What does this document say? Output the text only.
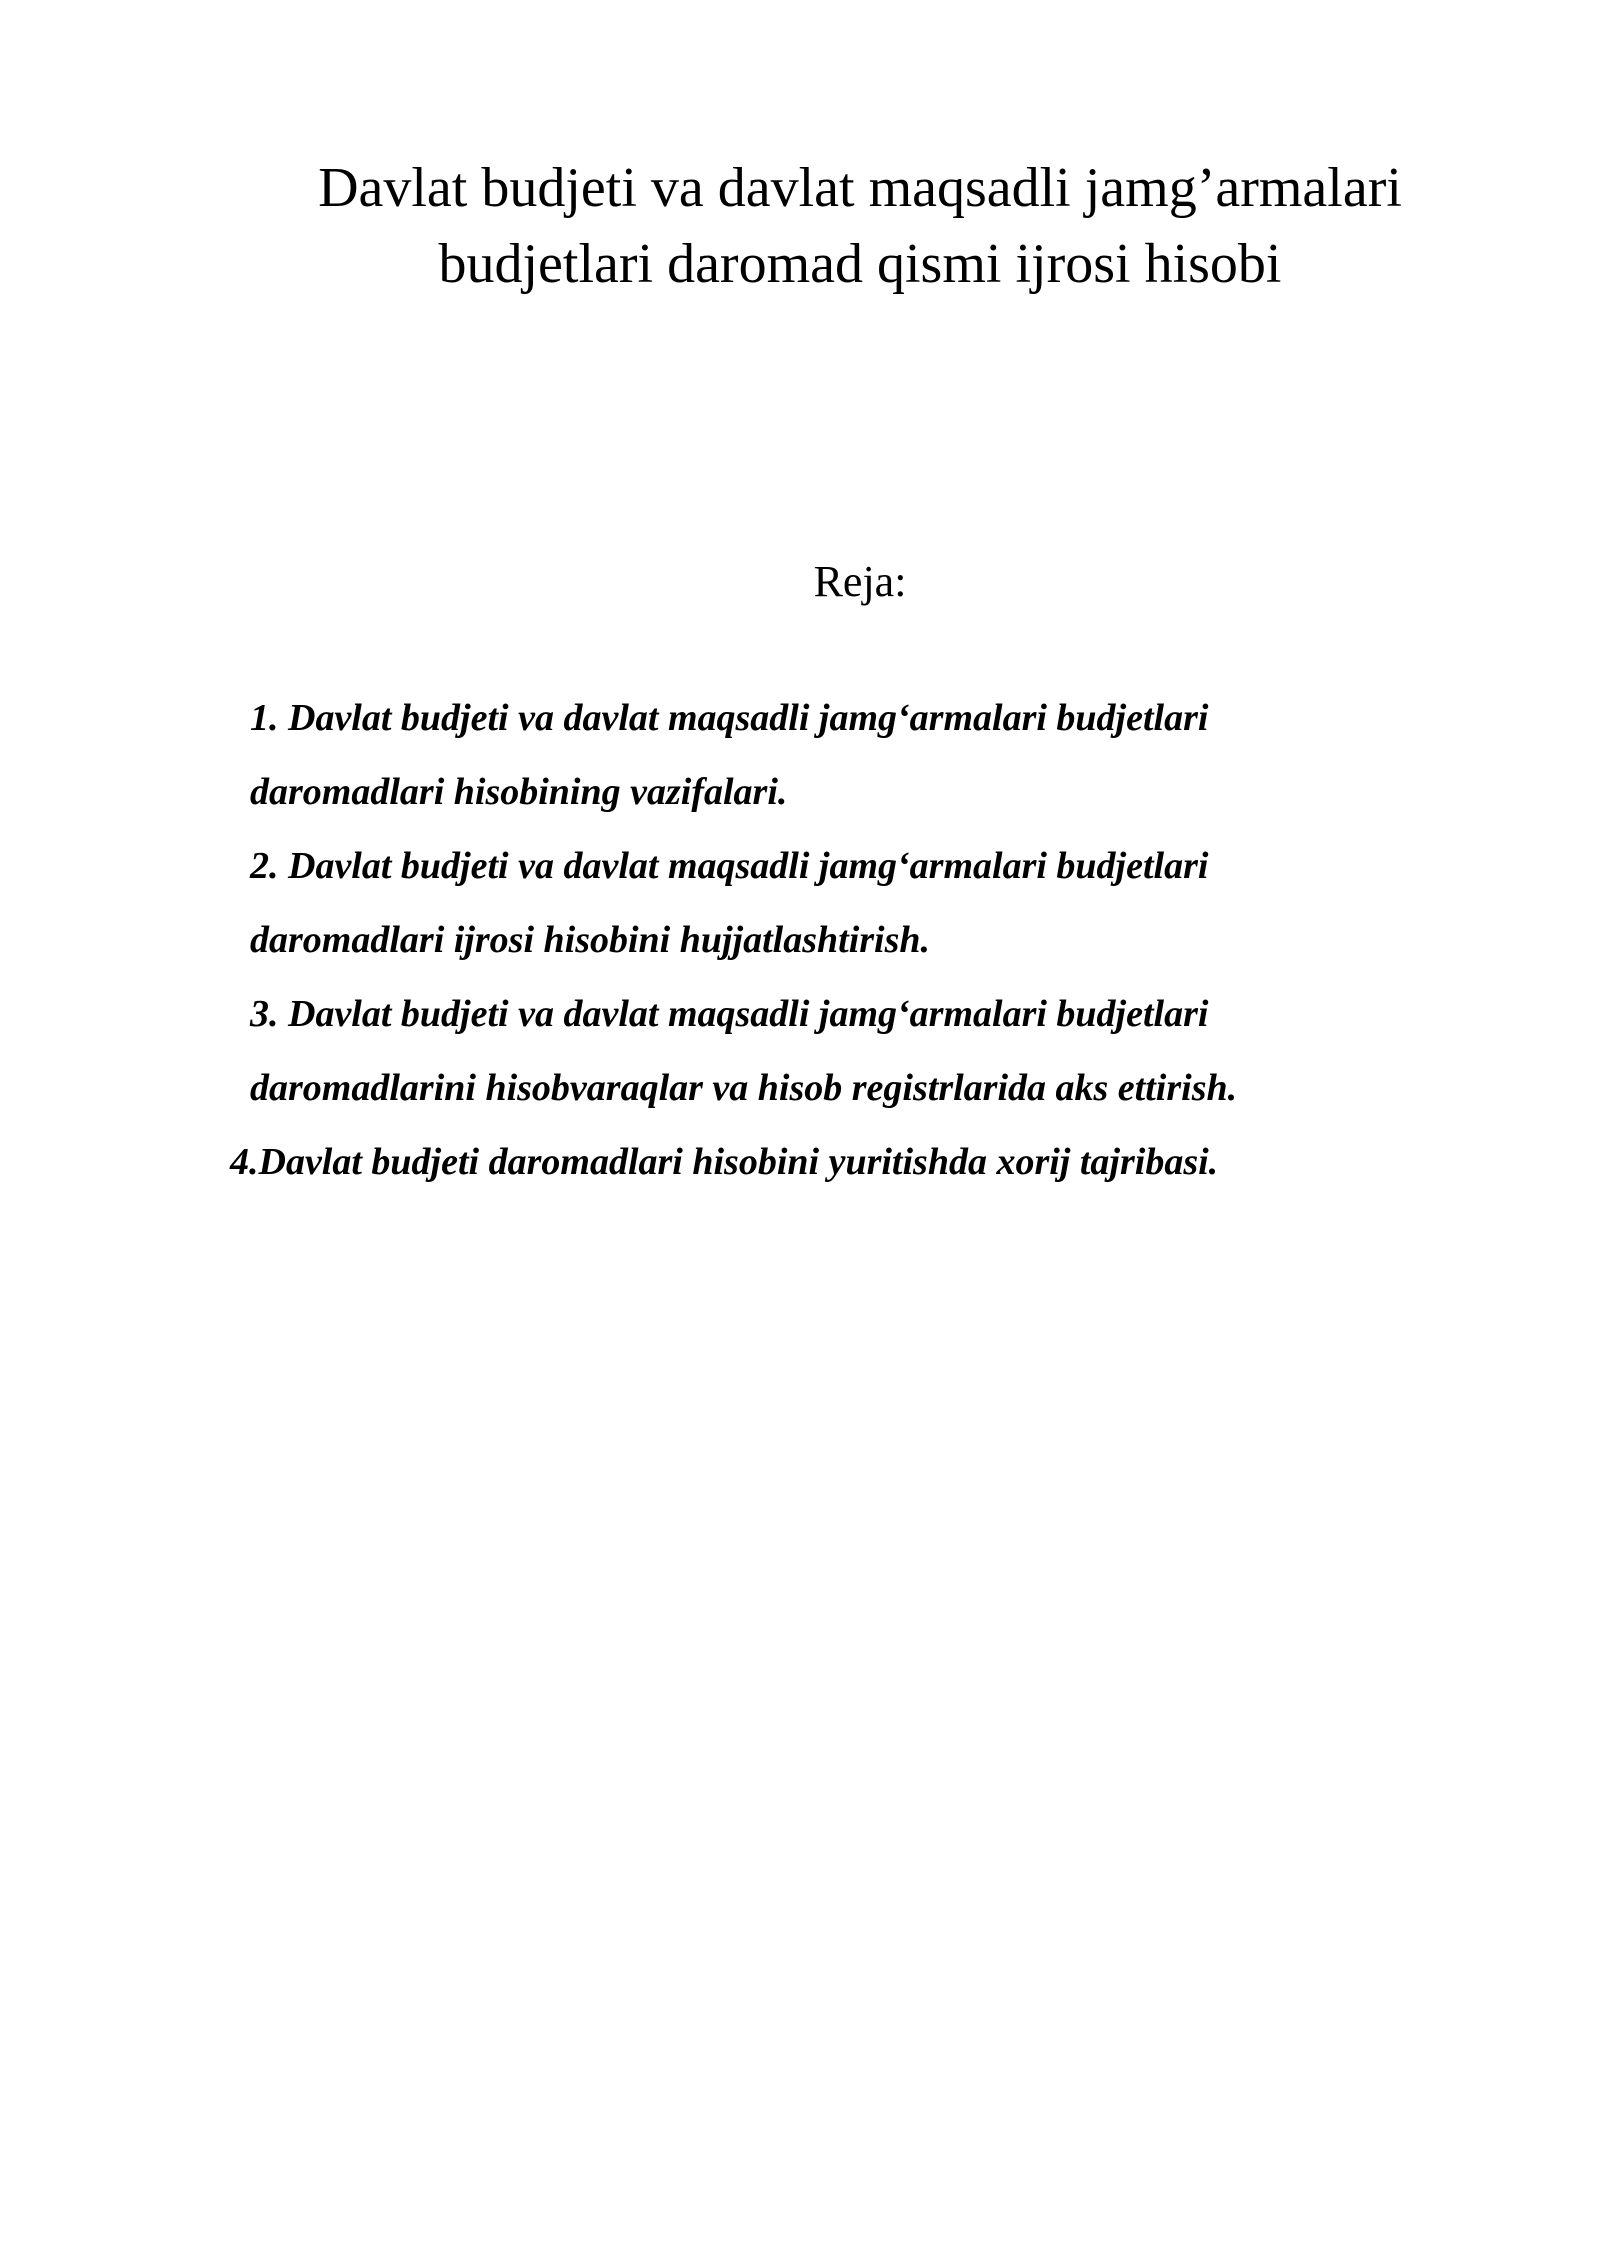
Davlat budjeti va davlat maqsadli jamg’armalari
budjetlari daromad qismi ijrosi hisobi

Reja:

1. Davlat budjeti va davlat maqsadli jamg‘armalari budjetlari
daromadlari hisobining vazifalari.
2. Davlat budjeti va davlat maqsadli jamg‘armalari budjetlari
daromadlari ijrosi hisobini hujjatlashtirish.
3. Davlat budjeti va davlat maqsadli jamg‘armalari budjetlari
daromadlarini hisobvaraqlar va hisob registrlarida aks ettirish.
4.Davlat budjeti daromadlari hisobini yuritishda xorij tajribasi.
